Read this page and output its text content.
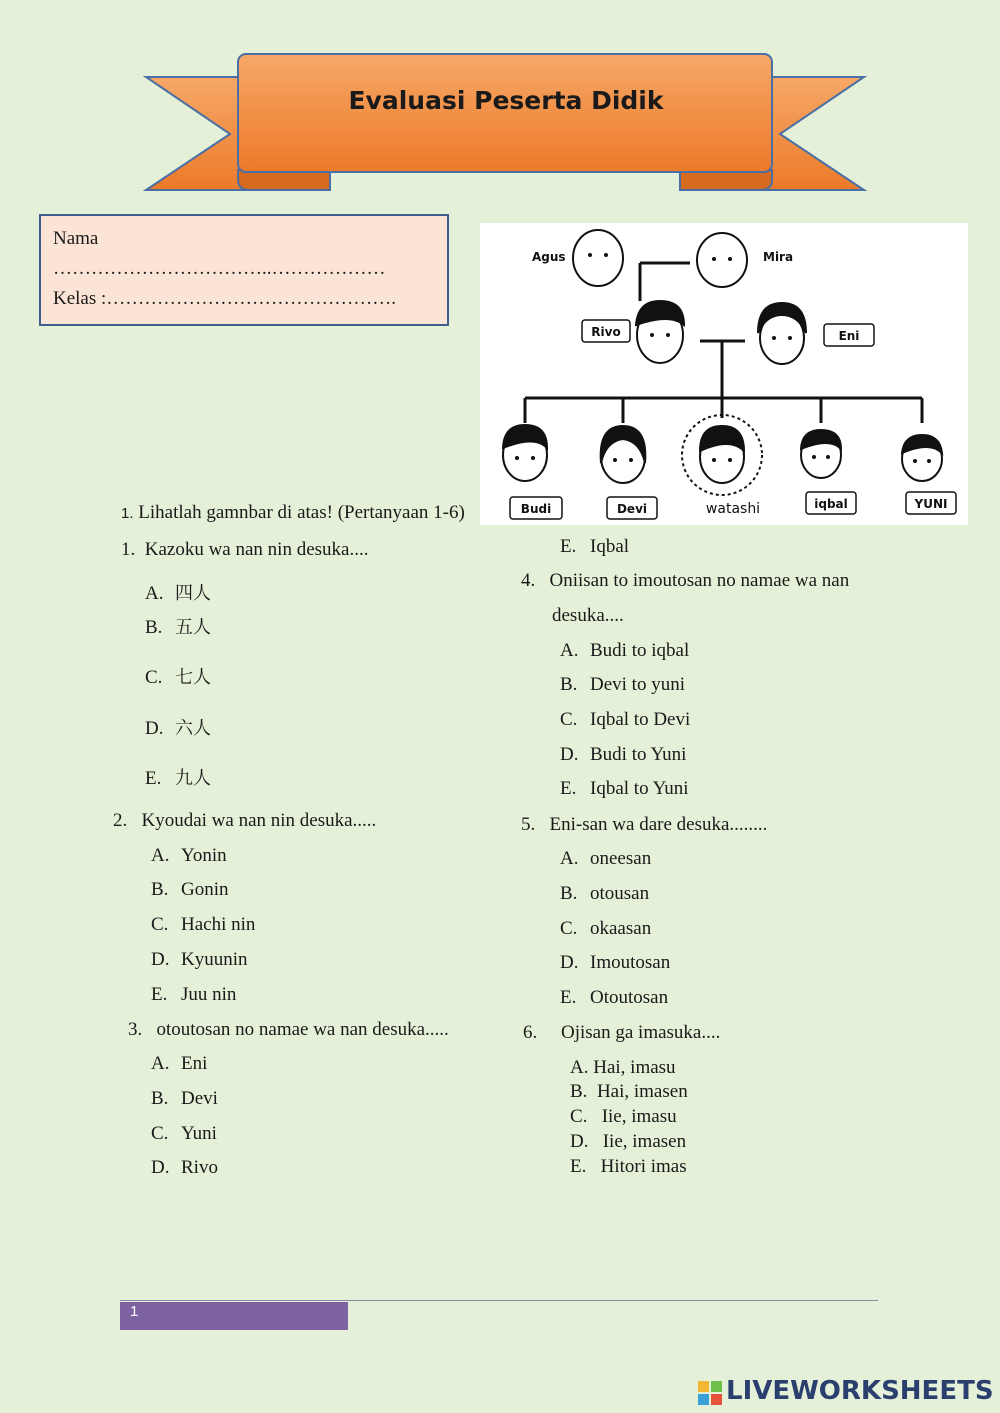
Evaluasi Peserta Didik
Nama
……………………………..………………
Kelas :……………………………………….
Agus	Mira
Rivo	Eni
Budi	Devi	watashi	iqbal	YUNI
1. Lihatlah gamnbar di atas! (Pertanyaan 1-6)
1. Kazoku wa nan nin desuka....
A. 四人
B. 五人
C. 七人
D. 六人
E. 九人
2. Kyoudai wa nan nin desuka.....
A. Yonin
B. Gonin
C. Hachi nin
D. Kyuunin
E. Juu nin
3. otoutosan no namae wa nan desuka.....
A. Eni
B. Devi
C. Yuni
D. Rivo
E. Iqbal
4. Oniisan to imoutosan no namae wa nan
desuka....
A. Budi to iqbal
B. Devi to yuni
C. Iqbal to Devi
D. Budi to Yuni
E. Iqbal to Yuni
5. Eni-san wa dare desuka........
A. oneesan
B. otousan
C. okaasan
D. Imoutosan
E. Otoutosan
6. Ojisan ga imasuka....
A. Hai, imasu
B. Hai, imasen
C. Iie, imasu
D. Iie, imasen
E. Hitori imas
1
LIVEWORKSHEETS
